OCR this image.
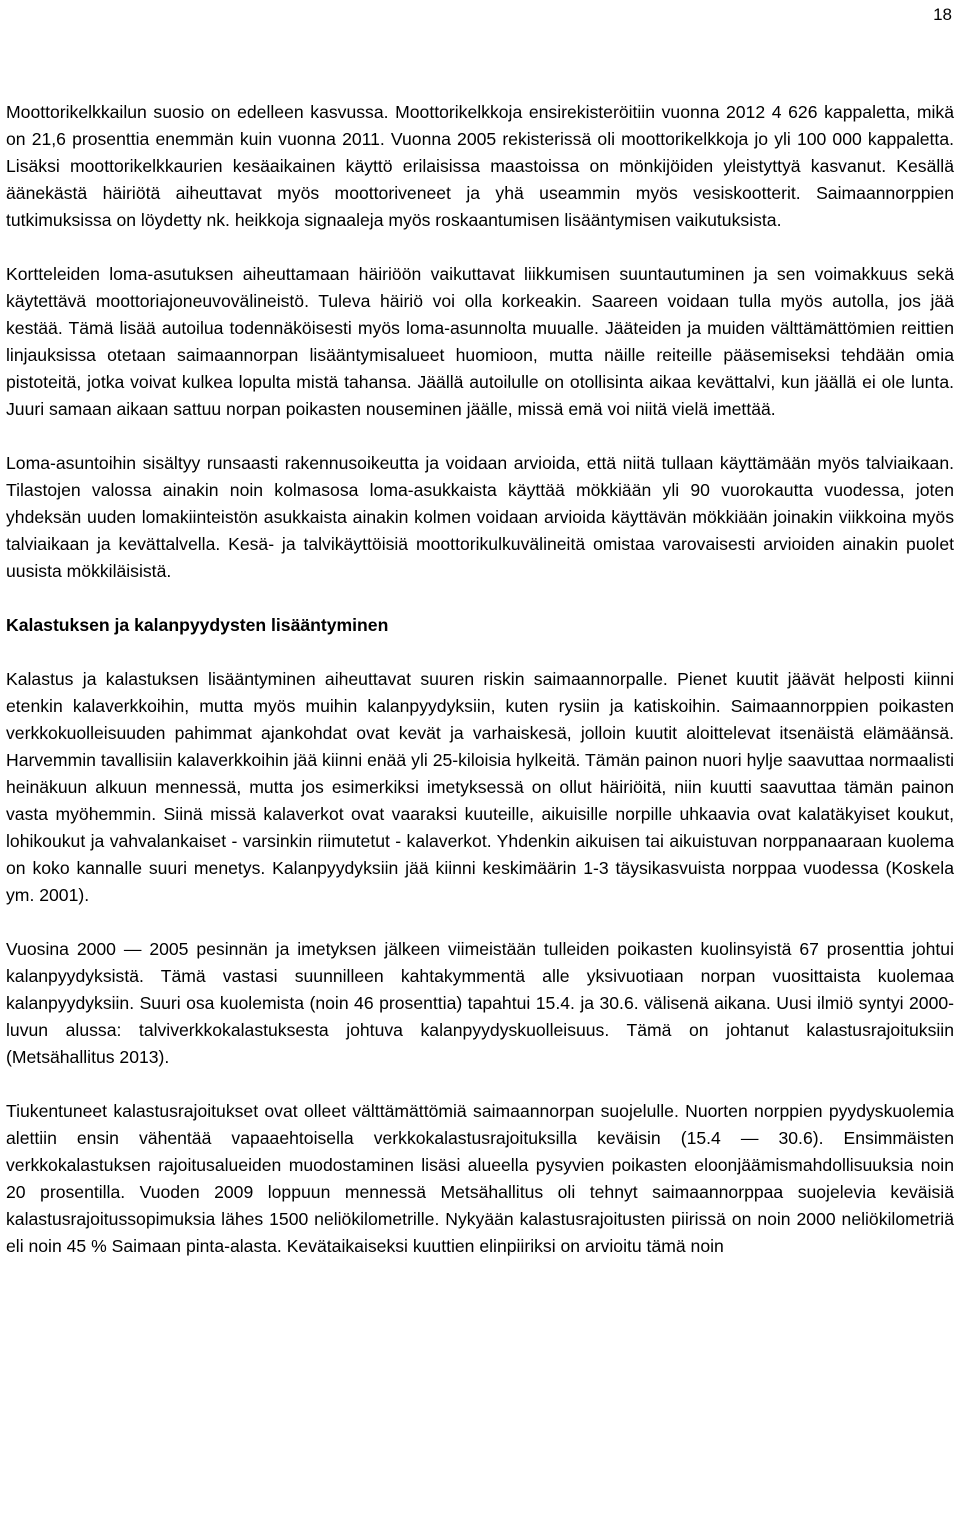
18

Moottorikelkkailun suosio on edelleen kasvussa. Moottorikelkkoja ensirekisteröitiin vuonna 2012 4 626 kappaletta, mikä on 21,6 prosenttia enemmän kuin vuonna 2011. Vuonna 2005 rekisterissä oli moottorikelkkoja jo yli 100 000 kappaletta. Lisäksi moottorikelkkaurien kesäaikainen käyttö erilaisissa maastoissa on mönkijöiden yleistyttyä kasvanut. Kesällä äänekästä häiriötä aiheuttavat myös moottoriveneet ja yhä useammin myös vesiskootterit. Saimaannorppien tutkimuksissa on löydetty nk. heikkoja signaaleja myös roskaantumisen lisääntymisen vaikutuksista.

Kortteleiden loma-asutuksen aiheuttamaan häiriöön vaikuttavat liikkumisen suuntautuminen ja sen voimakkuus sekä käytettävä moottoriajoneuvovälineistö. Tuleva häiriö voi olla korkeakin. Saareen voidaan tulla myös autolla, jos jää kestää. Tämä lisää autoilua todennäköisesti myös loma-asunnolta muualle. Jääteiden ja muiden välttämättömien reittien linjauksissa otetaan saimaannorpan lisääntymisalueet huomioon, mutta näille reiteille pääsemiseksi tehdään omia pistoteitä, jotka voivat kulkea lopulta mistä tahansa. Jäällä autoilulle on otollisinta aikaa kevättalvi, kun jäällä ei ole lunta. Juuri samaan aikaan sattuu norpan poikasten nouseminen jäälle, missä emä voi niitä vielä imettää.

Loma-asuntoihin sisältyy runsaasti rakennusoikeutta ja voidaan arvioida, että niitä tullaan käyttämään myös talviaikaan. Tilastojen valossa ainakin noin kolmasosa loma-asukkaista käyttää mökkiään yli 90 vuorokautta vuodessa, joten yhdeksän uuden lomakiinteistön asukkaista ainakin kolmen voidaan arvioida käyttävän mökkiään joinakin viikkoina myös talviaikaan ja kevättalvella. Kesä- ja talvikäyttöisiä moottorikulkuvälineitä omistaa varovaisesti arvioiden ainakin puolet uusista mökkiläisistä.

Kalastuksen ja kalanpyydysten lisääntyminen

Kalastus ja kalastuksen lisääntyminen aiheuttavat suuren riskin saimaannorpalle. Pienet kuutit jäävät helposti kiinni etenkin kalaverkkoihin, mutta myös muihin kalanpyydyksiin, kuten rysiin ja katiskoihin. Saimaannorppien poikasten verkkokuolleisuuden pahimmat ajankohdat ovat kevät ja varhaiskesä, jolloin kuutit aloittelevat itsenäistä elämäänsä. Harvemmin tavallisiin kalaverkkoihin jää kiinni enää yli 25-kiloisia hylkeitä. Tämän painon nuori hylje saavuttaa normaalisti heinäkuun alkuun mennessä, mutta jos esimerkiksi imetyksessä on ollut häiriöitä, niin kuutti saavuttaa tämän painon vasta myöhemmin. Siinä missä kalaverkot ovat vaaraksi kuuteille, aikuisille norpille uhkaavia ovat kalatäkyiset koukut, lohikoukut ja vahvalankaiset - varsinkin riimutetut - kalaverkot. Yhdenkin aikuisen tai aikuistuvan norppanaaraan kuolema on koko kannalle suuri menetys. Kalanpyydyksiin jää kiinni keskimäärin 1-3 täysikasvuista norppaa vuodessa (Koskela ym. 2001).

Vuosina 2000 — 2005 pesinnän ja imetyksen jälkeen viimeistään tulleiden poikasten kuolinsyistä 67 prosenttia johtui kalanpyydyksistä. Tämä vastasi suunnilleen kahtakymmentä alle yksivuotiaan norpan vuosittaista kuolemaa kalanpyydyksiin. Suuri osa kuolemista (noin 46 prosenttia) tapahtui 15.4. ja 30.6. välisenä aikana. Uusi ilmiö syntyi 2000-luvun alussa: talviverkkokalastuksesta johtuva kalanpyydyskuolleisuus. Tämä on johtanut kalastusrajoituksiin (Metsähallitus 2013).

Tiukentuneet kalastusrajoitukset ovat olleet välttämättömiä saimaannorpan suojelulle. Nuorten norppien pyydyskuolemia alettiin ensin vähentää vapaaehtoisella verkkokalastusrajoituksilla keväisin (15.4 — 30.6). Ensimmäisten verkkokalastuksen rajoitusalueiden muodostaminen lisäsi alueella pysyvien poikasten eloonjäämismahdollisuuksia noin 20 prosentilla. Vuoden 2009 loppuun mennessä Metsähallitus oli tehnyt saimaannorppaa suojelevia keväisiä kalastusrajoitussopimuksia lähes 1500 neliökilometrille. Nykyään kalastusrajoitusten piirissä on noin 2000 neliökilometriä eli noin 45 % Saimaan pinta-alasta. Kevätaikaiseksi kuuttien elinpiiriksi on arvioitu tämä noin
